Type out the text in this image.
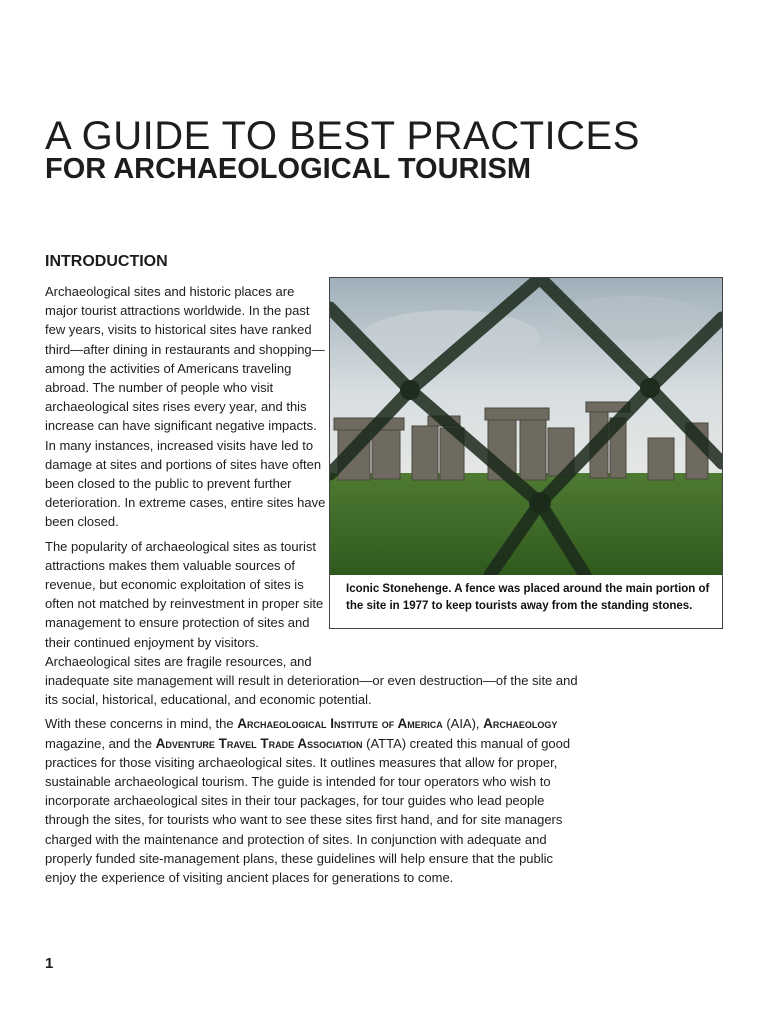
A GUIDE TO BEST PRACTICES
FOR ARCHAEOLOGICAL TOURISM
INTRODUCTION

Archaeological sites and historic places are major tourist attractions worldwide. In the past few years, visits to historical sites have ranked third—after dining in restaurants and shopping—among the activities of Americans traveling abroad. The number of people who visit archaeological sites rises every year, and this increase can have significant negative impacts. In many instances, increased visits have led to damage at sites and portions of sites have often been closed to the public to prevent further deterioration. In extreme cases, entire sites have been closed.

The popularity of archaeological sites as tourist attractions makes them valuable sources of revenue, but economic exploitation of sites is often not matched by reinvestment in proper site management to ensure protection of sites and their continued enjoyment by visitors. Archaeological sites are fragile resources, and inadequate site management will result in deterioration—or even destruction—of the site and its social, historical, educational, and economic potential.

With these concerns in mind, the Archaeological Institute of America (AIA), Archaeology magazine, and the Adventure Travel Trade Association (ATTA) created this manual of good practices for those visiting archaeological sites. It outlines measures that allow for proper, sustainable archaeological tourism. The guide is intended for tour operators who wish to incorporate archaeological sites in their tour packages, for tour guides who lead people through the sites, for tourists who want to see these sites first hand, and for site managers charged with the maintenance and protection of sites. In conjunction with adequate and properly funded site-management plans, these guidelines will help ensure that the public enjoy the experience of visiting ancient places for generations to come.

Iconic Stonehenge. A fence was placed around the main portion of the site in 1977 to keep tourists away from the standing stones.
1
